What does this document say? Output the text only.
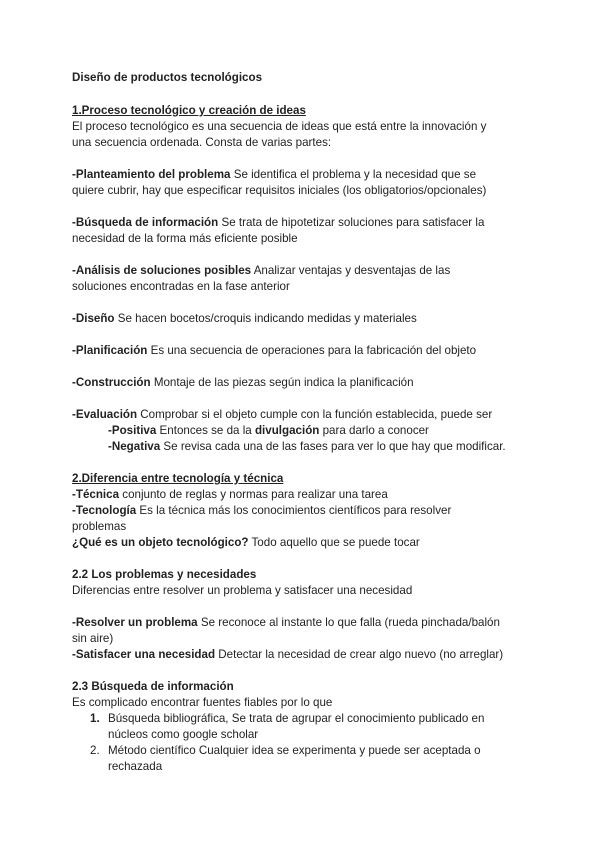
Diseño de productos tecnológicos
1.Proceso tecnológico y creación de ideas
El proceso tecnológico es una secuencia de ideas que está entre la innovación y
una secuencia ordenada. Consta de varias partes:
-Planteamiento del problema Se identifica el problema y la necesidad que se
quiere cubrir, hay que especificar requisitos iniciales (los obligatorios/opcionales)
-Búsqueda de información Se trata de hipotetizar soluciones para satisfacer la
necesidad de la forma más eficiente posible
-Análisis de soluciones posibles Analizar ventajas y desventajas de las
soluciones encontradas en la fase anterior
-Diseño Se hacen bocetos/croquis indicando medidas y materiales
-Planificación Es una secuencia de operaciones para la fabricación del objeto
-Construcción Montaje de las piezas según indica la planificación
-Evaluación Comprobar si el objeto cumple con la función establecida, puede ser
-Positiva Entonces se da la divulgación para darlo a conocer
-Negativa Se revisa cada una de las fases para ver lo que hay que modificar.
2.Diferencia entre tecnología y técnica
-Técnica conjunto de reglas y normas para realizar una tarea
-Tecnología Es la técnica más los conocimientos científicos para resolver
problemas
¿Qué es un objeto tecnológico? Todo aquello que se puede tocar
2.2 Los problemas y necesidades
Diferencias entre resolver un problema y satisfacer una necesidad
-Resolver un problema Se reconoce al instante lo que falla (rueda pinchada/balón
sin aire)
-Satisfacer una necesidad Detectar la necesidad de crear algo nuevo (no arreglar)
2.3 Búsqueda de información
Es complicado encontrar fuentes fiables por lo que
1. Búsqueda bibliográfica, Se trata de agrupar el conocimiento publicado en
núcleos como google scholar
2. Método científico Cualquier idea se experimenta y puede ser aceptada o
rechazada
